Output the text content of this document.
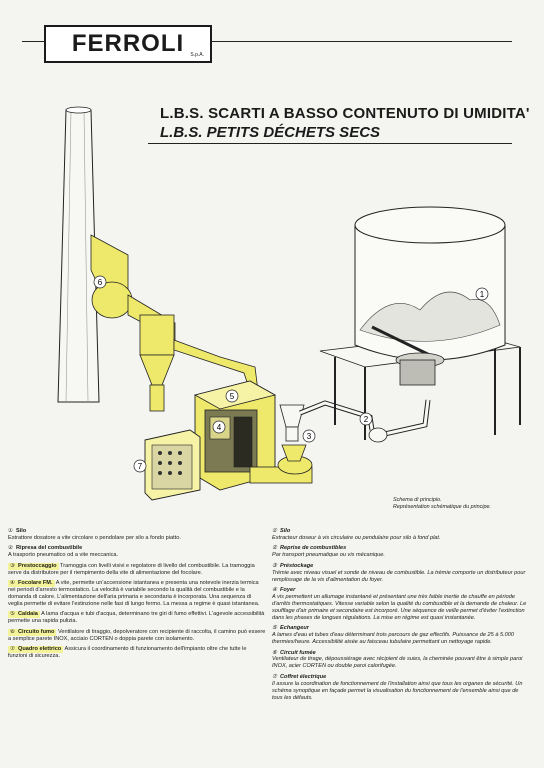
FERROLI S.p.A.
L.B.S. SCARTI A BASSO CONTENUTO DI UMIDITA'
L.B.S. PETITS DÉCHETS SECS
1
2
3
4
5
6
7
Schema di principio.
Représentation schématique du principe.
① Silo
Estrattore dosatore a vite circolare o pendolare per silo a fondo piatto.
② Ripresa del combustibile
A trasporto pneumatico od a vite meccanica.
③ Prestoccaggio Tramoggia con livelli visivi e regolatore di livello del combustibile. La tramoggia serve da distributore per il riempimento della vite di alimentazione del focolare.
④ Focolare FM. A vite, permette un'accensione istantanea e presenta una notevole inerzia termica nei periodi d'arresto termostatico. La velocità è variabile secondo la qualità del combustibile e la domanda di calore. L'alimentazione dell'aria primaria e secondaria è incorporata. Una sequenza di veglia permette di evitare l'estinzione nelle fasi di lungo fermo. La messa a regime è quasi istantanea.
⑤ Caldaia A lama d'acqua e tubi d'acqua, determinano tre giri di fumo effettivi. L'agevole accessibilità permette una rapida pulizia.
⑥ Circuito fumo Ventilatore di tiraggio, depolveratore con recipiente di raccolta, il camino può essere a semplice parete INOX, acciaio CORTEN o doppia parete con isolamento.
⑦ Quadro elettrico Assicura il coordinamento di funzionamento dell'impianto oltre che tutte le funzioni di sicurezza.
① Silo
Extracteur doseur à vis circulaire ou pendulaire pour silo à fond plat.
② Reprise de combustibles
Par transport pneumatique ou vis mécanique.
③ Préstockage
Trémie avec niveau visuel et sonde de niveau de combustible. La trémie comporte un distributeur pour remplissage de la vis d'alimentation du foyer.
④ Foyer
A vis permettent un allumage instantané et présentant une très faible inertie de chauffe en période d'arrêts thermostatiques. Vitesse variable selon la qualité du combustible et la demande de chaleur. Le soufflage d'air primaire et secondaire est incorporé. Une séquence de veille permet d'éviter l'extinction dans les phases de longues régulations. La mise en régime est quasi instantanée.
⑤ Echangeur
A lames d'eau et tubes d'eau déterminant trois parcours de gaz effectifs. Puissance de 25 à 5.000 thermies/heure. Accessibilité aisée au faisceau tubulaire permettant un nettoyage rapide.
⑥ Circuit fumée
Ventilateur de tirage, dépoussiérage avec récipient de suies, la cheminée pouvant être à simple paroi INOX, acier CORTEN ou double paroi calorifugée.
⑦ Coffret électrique
Il assure la coordination de fonctionnement de l'installation ainsi que tous les organes de sécurité. Un schéma synoptique en façade permet la visualisation du fonctionnement de l'ensemble ainsi que de tous les défauts.
